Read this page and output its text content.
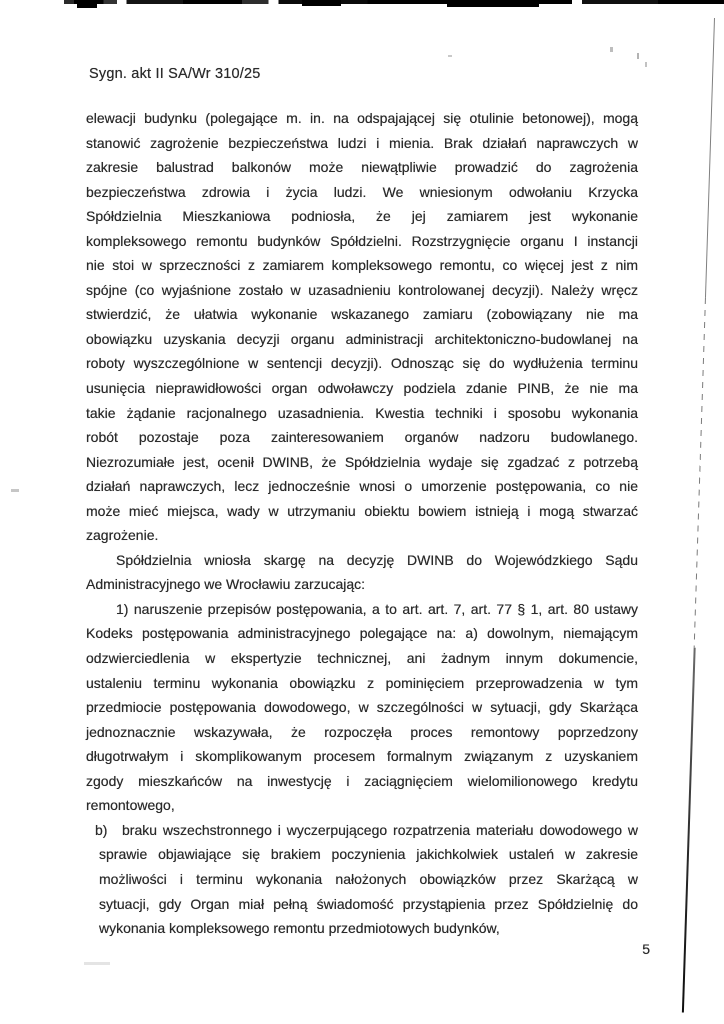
Sygn. akt II SA/Wr 310/25
elewacji budynku (polegające m. in. na odspajającej się otulinie betonowej), mogą
stanowić zagrożenie bezpieczeństwa ludzi i mienia. Brak działań naprawczych w
zakresie balustrad balkonów może niewątpliwie prowadzić do zagrożenia
bezpieczeństwa zdrowia i życia ludzi. We wniesionym odwołaniu Krzycka
Spółdzielnia Mieszkaniowa podniosła, że jej zamiarem jest wykonanie
kompleksowego remontu budynków Spółdzielni. Rozstrzygnięcie organu I instancji
nie stoi w sprzeczności z zamiarem kompleksowego remontu, co więcej jest z nim
spójne (co wyjaśnione zostało w uzasadnieniu kontrolowanej decyzji). Należy wręcz
stwierdzić, że ułatwia wykonanie wskazanego zamiaru (zobowiązany nie ma
obowiązku uzyskania decyzji organu administracji architektoniczno-budowlanej na
roboty wyszczególnione w sentencji decyzji). Odnosząc się do wydłużenia terminu
usunięcia nieprawidłowości organ odwoławczy podziela zdanie PINB, że nie ma
takie żądanie racjonalnego uzasadnienia. Kwestia techniki i sposobu wykonania
robót pozostaje poza zainteresowaniem organów nadzoru budowlanego.
Niezrozumiałe jest, ocenił DWINB, że Spółdzielnia wydaje się zgadzać z potrzebą
działań naprawczych, lecz jednocześnie wnosi o umorzenie postępowania, co nie
może mieć miejsca, wady w utrzymaniu obiektu bowiem istnieją i mogą stwarzać
zagrożenie.
Spółdzielnia wniosła skargę na decyzję DWINB do Wojewódzkiego Sądu
Administracyjnego we Wrocławiu zarzucając:
1) naruszenie przepisów postępowania, a to art. art. 7, art. 77 § 1, art. 80 ustawy
Kodeks postępowania administracyjnego polegające na: a) dowolnym, niemającym
odzwierciedlenia w ekspertyzie technicznej, ani żadnym innym dokumencie,
ustaleniu terminu wykonania obowiązku z pominięciem przeprowadzenia w tym
przedmiocie postępowania dowodowego, w szczególności w sytuacji, gdy Skarżąca
jednoznacznie wskazywała, że rozpoczęła proces remontowy poprzedzony
długotrwałym i skomplikowanym procesem formalnym związanym z uzyskaniem
zgody mieszkańców na inwestycję i zaciągnięciem wielomilionowego kredytu
remontowego,
b)	braku wszechstronnego i wyczerpującego rozpatrzenia materiału dowodowego w
sprawie objawiające się brakiem poczynienia jakichkolwiek ustaleń w zakresie
możliwości i terminu wykonania nałożonych obowiązków przez Skarżącą w
sytuacji, gdy Organ miał pełną świadomość przystąpienia przez Spółdzielnię do
wykonania kompleksowego remontu przedmiotowych budynków,
5
